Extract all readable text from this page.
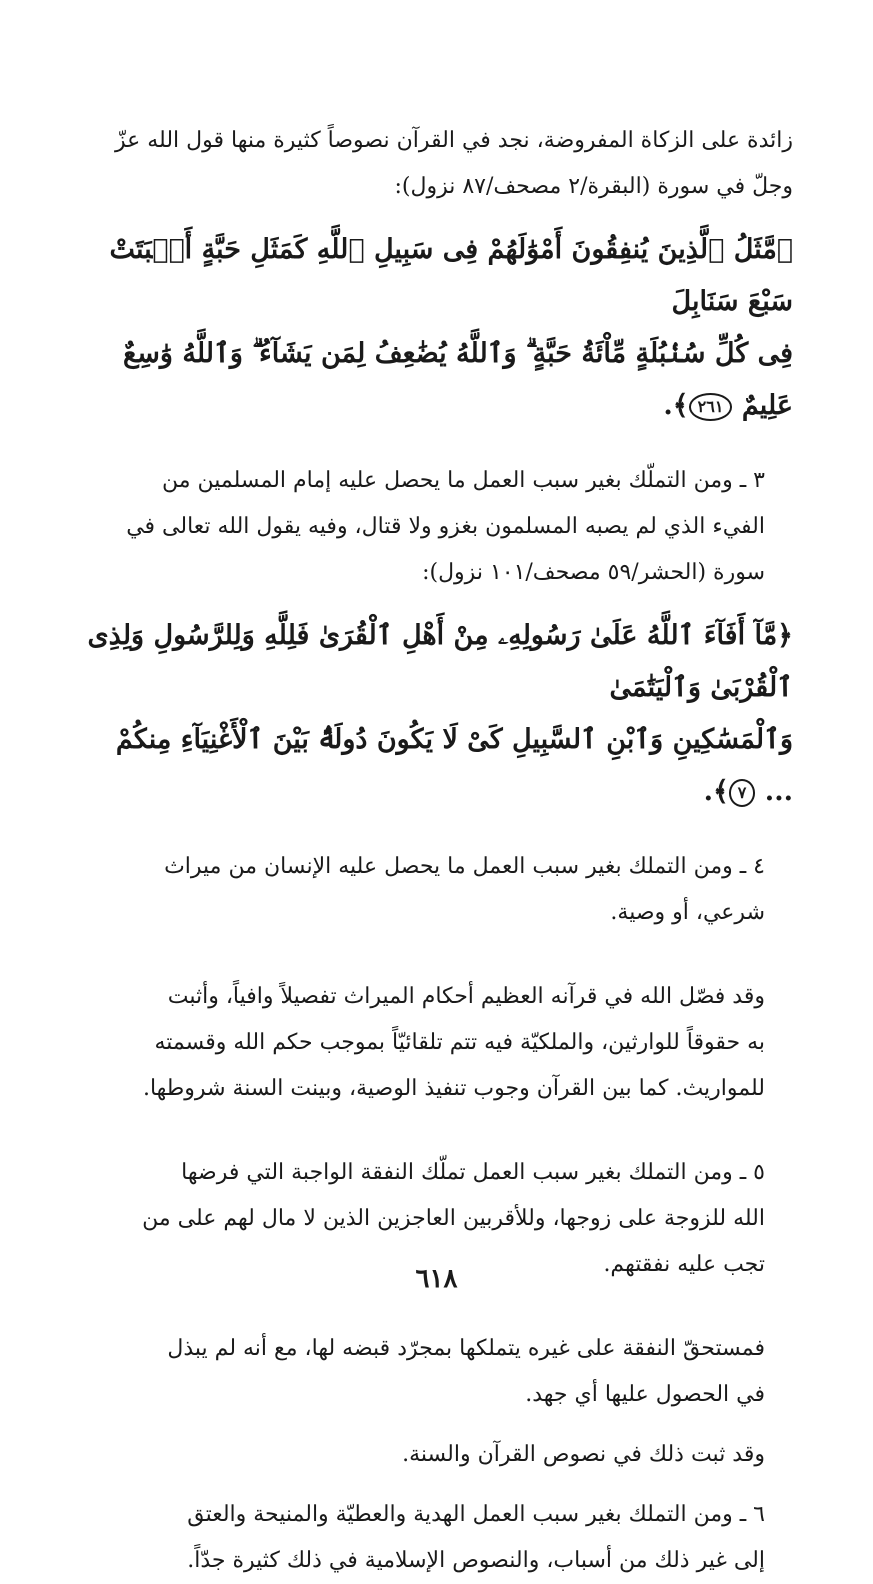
زائدة على الزكاة المفروضة، نجد في القرآن نصوصاً كثيرة منها قول الله عزّ
وجلّ في سورة (البقرة/٢ مصحف/٨٧ نزول):

﴿مَّثَلُ ٱلَّذِينَ يُنفِقُونَ أَمْوَٰلَهُمْ فِى سَبِيلِ ٱللَّهِ كَمَثَلِ حَبَّةٍ أَنۢبَتَتْ سَبْعَ سَنَابِلَ
فِى كُلِّ سُنۢبُلَةٍ مِّاْئَةُ حَبَّةٍ ۗ وَٱللَّهُ يُضَٰعِفُ لِمَن يَشَآءُ ۗ وَٱللَّهُ وَٰسِعٌ عَلِيمٌ ٢٦١﴾.

٣ ـ ومن التملّك بغير سبب العمل ما يحصل عليه إمام المسلمين من
الفيء الذي لم يصبه المسلمون بغزو ولا قتال، وفيه يقول الله تعالى في
سورة (الحشر/٥٩ مصحف/١٠١ نزول):

﴿مَّآ أَفَآءَ ٱللَّهُ عَلَىٰ رَسُولِهِۦ مِنْ أَهْلِ ٱلْقُرَىٰ فَلِلَّهِ وَلِلرَّسُولِ وَلِذِى ٱلْقُرْبَىٰ وَٱلْيَتَٰمَىٰ
وَٱلْمَسَٰكِينِ وَٱبْنِ ٱلسَّبِيلِ كَىْ لَا يَكُونَ دُولَةًۢ بَيْنَ ٱلْأَغْنِيَآءِ مِنكُمْ ... ٧﴾.

٤ ـ ومن التملك بغير سبب العمل ما يحصل عليه الإنسان من ميراث
شرعي، أو وصية.

وقد فصّل الله في قرآنه العظيم أحكام الميراث تفصيلاً وافياً، وأثبت
به حقوقاً للوارثين، والملكيّة فيه تتم تلقائيّاً بموجب حكم الله وقسمته
للمواريث. كما بين القرآن وجوب تنفيذ الوصية، وبينت السنة شروطها.

٥ ـ ومن التملك بغير سبب العمل تملّك النفقة الواجبة التي فرضها
الله للزوجة على زوجها، وللأقربين العاجزين الذين لا مال لهم على من
تجب عليه نفقتهم.

فمستحقّ النفقة على غيره يتملكها بمجرّد قبضه لها، مع أنه لم يبذل
في الحصول عليها أي جهد.

وقد ثبت ذلك في نصوص القرآن والسنة.

٦ ـ ومن التملك بغير سبب العمل الهدية والعطيّة والمنيحة والعتق
إلى غير ذلك من أسباب، والنصوص الإسلامية في ذلك كثيرة جدّاً.

٦١٨
